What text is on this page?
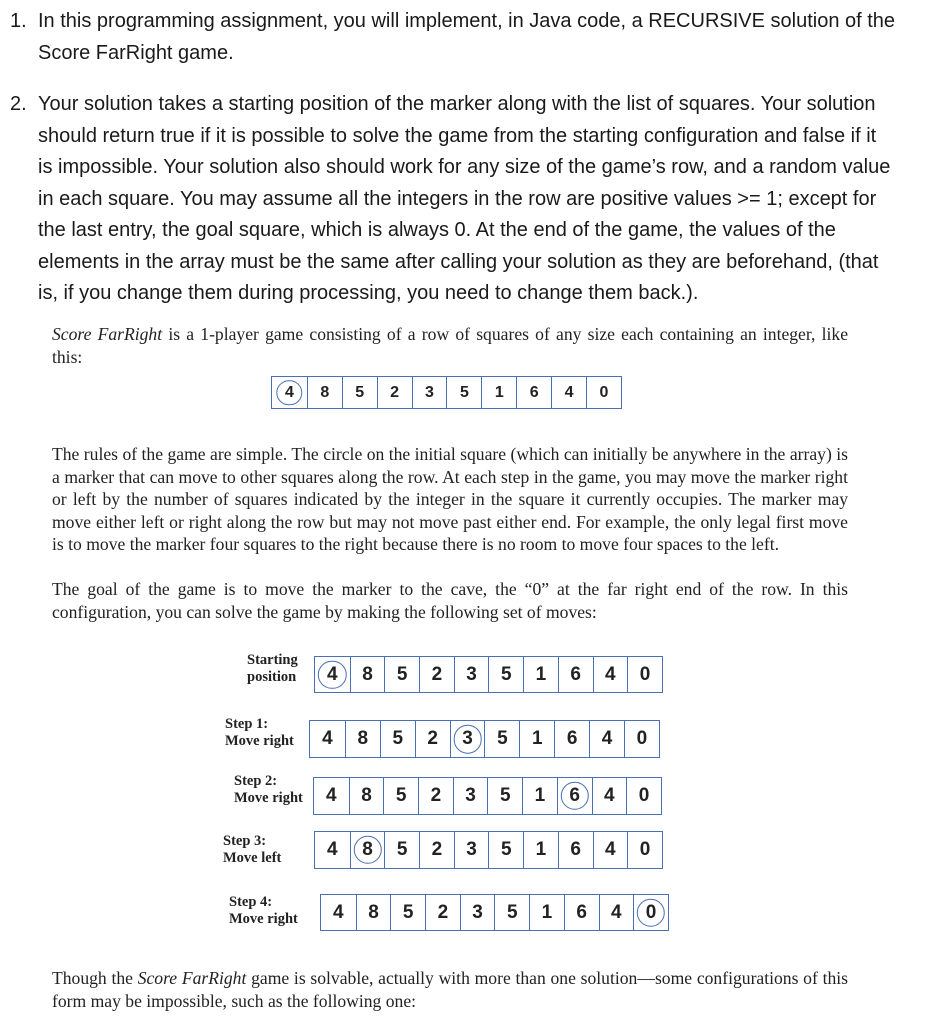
1. In this programming assignment, you will implement, in Java code, a RECURSIVE solution of the
Score FarRight game.

2. Your solution takes a starting position of the marker along with the list of squares. Your solution
should return true if it is possible to solve the game from the starting configuration and false if it
is impossible. Your solution also should work for any size of the game’s row, and a random value
in each square. You may assume all the integers in the row are positive values >= 1; except for
the last entry, the goal square, which is always 0. At the end of the game, the values of the
elements in the array must be the same after calling your solution as they are beforehand, (that
is, if you change them during processing, you need to change them back.).

Score FarRight is a 1-player game consisting of a row of squares of any size each containing an integer, like this:

4	8	5	2	3	5	1	6	4	0

The rules of the game are simple. The circle on the initial square (which can initially be anywhere in the array) is a marker that can move to other squares along the row. At each step in the game, you may move the marker right or left by the number of squares indicated by the integer in the square it currently occupies. The marker may move either left or right along the row but may not move past either end. For example, the only legal first move is to move the marker four squares to the right because there is no room to move four spaces to the left.

The goal of the game is to move the marker to the cave, the “0” at the far right end of the row. In this configuration, you can solve the game by making the following set of moves:

Starting
position	4	8	5	2	3	5	1	6	4	0
Step 1:
Move right	4	8	5	2	3	5	1	6	4	0
Step 2:
Move right	4	8	5	2	3	5	1	6	4	0
Step 3:
Move left	4	8	5	2	3	5	1	6	4	0
Step 4:
Move right	4	8	5	2	3	5	1	6	4	0

Though the Score FarRight game is solvable, actually with more than one solution—some configurations of this form may be impossible, such as the following one:
